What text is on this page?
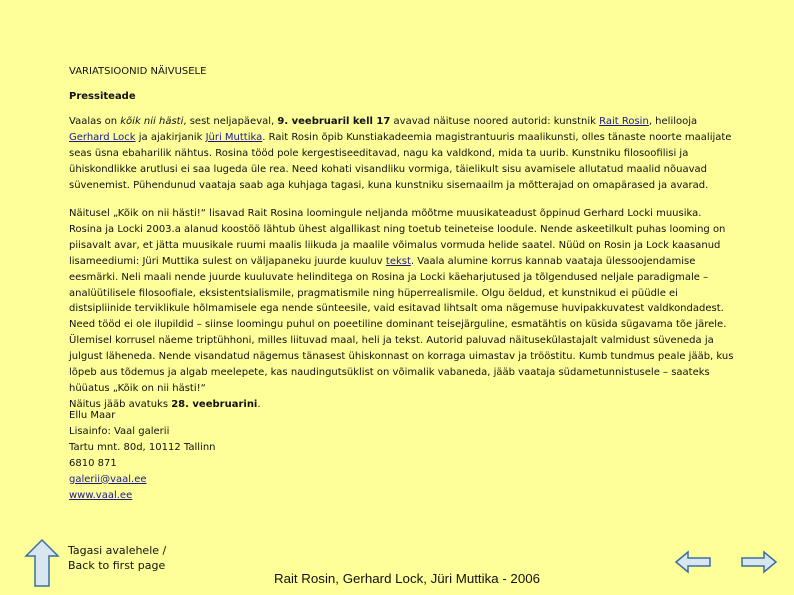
VARIATSIOONID NÄIVUSELE
Pressiteade
Vaalas on kõik nii hästi, sest neljapäeval, 9. veebruaril kell 17 avavad näituse noored autorid: kunstnik Rait Rosin, helilooja Gerhard Lock ja ajakirjanik Jüri Muttika. Rait Rosin õpib Kunstiakadeemia magistrantuuris maalikunsti, olles tänaste noorte maalijate seas üsna ebaharilik nähtus. Rosina tööd pole kergestiseeditavad, nagu ka valdkond, mida ta uurib. Kunstniku filosoofilisi ja ühiskondlikke arutlusi ei saa lugeda üle rea. Need kohati visandliku vormiga, täielikult sisu avamisele allutatud maalid nõuavad süvenemist. Pühendunud vaataja saab aga kuhjaga tagasi, kuna kunstniku sisemaailm ja mõtterajad on omapärased ja avarad.
Näitusel „Kõik on nii hästi!“ lisavad Rait Rosina loomingule neljanda mõõtme muusikateadust õppinud Gerhard Locki muusika. Rosina ja Locki 2003.a alanud koostöö lähtub ühest algallikast ning toetub teineteise loodule. Nende askeetilkult puhas looming on piisavalt avar, et jätta muusikale ruumi maalis liikuda ja maalile võimalus vormuda helide saatel. Nüüd on Rosin ja Lock kaasanud lisameediumi: Jüri Muttika sulest on väljapaneku juurde kuuluv tekst. Vaala alumine korrus kannab vaataja ülessoojendamise eesmärki. Neli maali nende juurde kuuluvate helinditega on Rosina ja Locki käeharjutused ja tõlgendused neljale paradigmale – analüütilisele filosoofiale, eksistentsialismile, pragmatismile ning hüperrealismile. Olgu öeldud, et kunstnikud ei püüdle ei distsipliinide terviklikule hõlmamisele ega nende sünteesile, vaid esitavad lihtsalt oma nägemuse huvipakkuvatest valdkondadest. Need tööd ei ole ilupildid – siinse loomingu puhul on poeetiline dominant teisejärguline, esmatähtis on küsida sügavama tõe järele. Ülemisel korrusel näeme triptühhoni, milles liituvad maal, heli ja tekst. Autorid paluvad näitusekülastajalt valmidust süveneda ja julgust läheneda. Nende visandatud nägemus tänasest ühiskonnast on korraga uimastav ja trööstitu. Kumb tundmus peale jääb, kus lõpeb aus tõdemus ja algab meelepete, kas naudingutsüklist on võimalik vabaneda, jääb vaataja südametunnistusele – saateks hüüatus „Kõik on nii hästi!“
Näitus jääb avatuks 28. veebruarini.
Ellu Maar
Lisainfo: Vaal galerii
Tartu mnt. 80d, 10112 Tallinn
6810 871
galerii@vaal.ee
www.vaal.ee
Tagasi avalehele /
Back to first page
Rait Rosin, Gerhard Lock, Jüri Muttika - 2006
